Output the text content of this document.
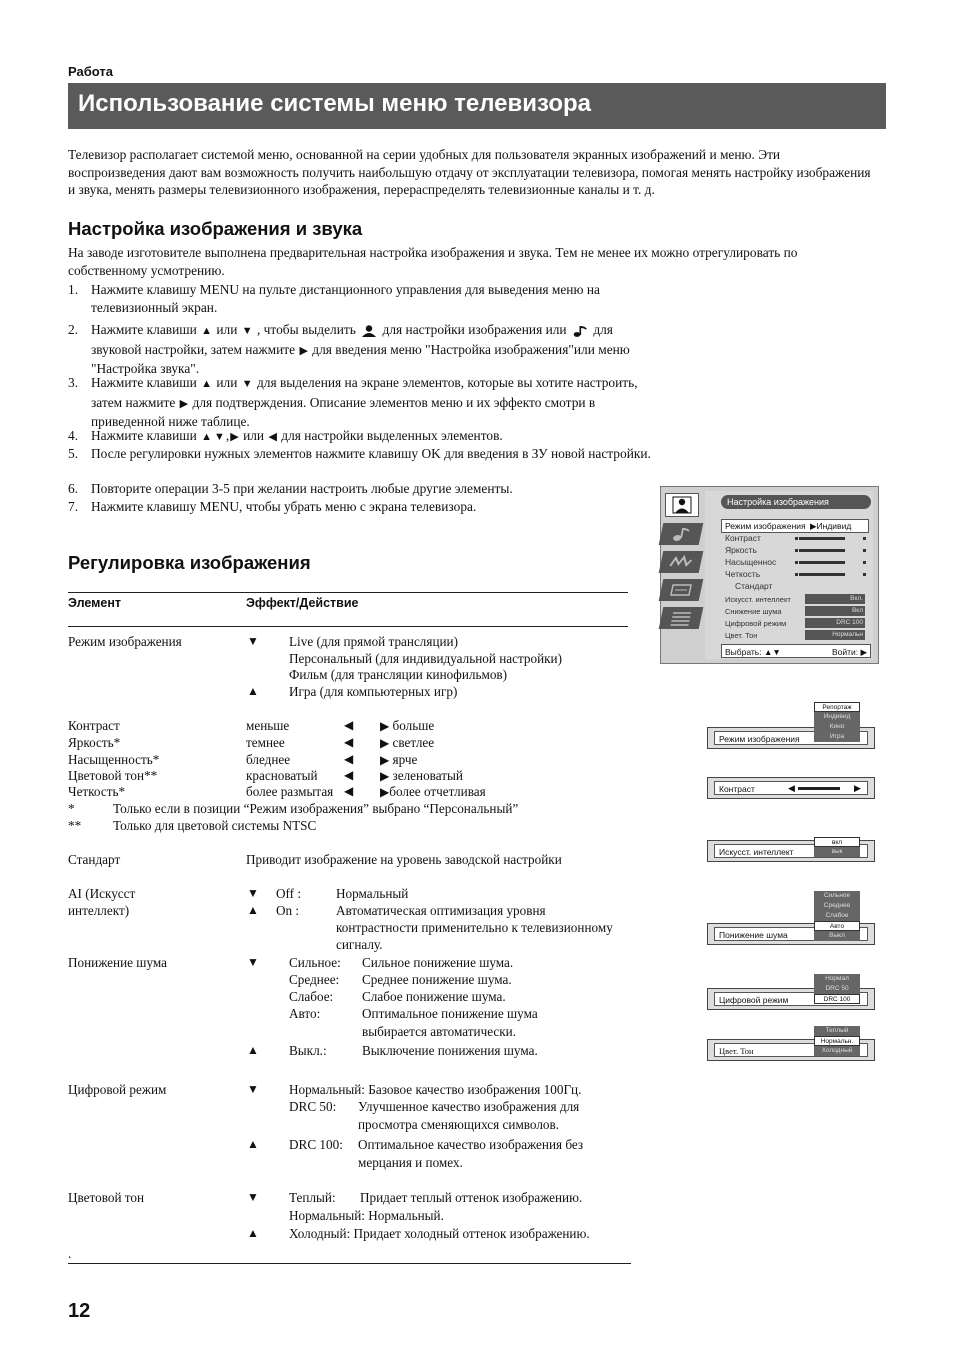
Работа
Использование системы меню телевизора

Телевизор располагает системой меню, основанной на серии удобных для пользователя экранных изображений и меню. Эти воспроизведения дают вам возможность получить наибольшую отдачу от эксплуатации телевизора, помогая менять настройку изображения и звука, менять размеры телевизионного изображения, перераспределять телевизионные каналы и т. д.

Настройка изображения и звука

На заводе изготовителе выполнена предварительная настройка изображения и звука. Тем не менее их можно отрегулировать по собственному усмотрению.

1. Нажмите клавишу MENU на пульте дистанционного управления для выведения меню на телевизионный экран.
2. Нажмите клавиши ▲ или ▼ , чтобы выделить для настройки изображения или для звуковой настройки, затем нажмите ▶ для введения меню "Настройка изображения"или меню "Настройка звука".
3. Нажмите клавиши ▲ или ▼ для выделения на экране элементов, которые вы хотите настроить, затем нажмите ▶ для подтверждения. Описание элементов меню и их эффекто смотри в приведенной ниже таблице.
4. Нажмите клавиши ▲ ▼,▶ или ◀ для настройки выделенных элементов.
5. После регулировки нужных элементов нажмите клавишу OK для введения в ЗУ новой настройки.
6. Повторите операции 3-5 при желании настроить любые другие элементы.
7. Нажмите клавишу MENU, чтобы убрать меню с экрана телевизора.
Регулировка изображения
Элемент	Эффект/Действие
Режим изображения	▼ Live (для прямой трансляции)
Персональный (для индивидуальной настройки)
Фильм (для трансляции кинофильмов)
▲ Игра (для компьютерных игр)
Контраст	меньше	◀ ▶ больше
Яркость*	темнее	◀ ▶ светлее
Насыщенность*	бледнее	◀ ▶ ярче
Цветовой тон**	красноватый ◀ ▶ зеленоватый
Четкость*	более размытая ◀ ▶более отчетливая
*	Только если в позиции “Режим изображения” выбрано “Персональный”
** Только для цветовой системы NTSC
Стандарт	Приводит изображение на уровень заводской настройки
AI (Искусст
интеллект)
▼ Off :	Нормальный
▲ On :	Автоматическая оптимизация уровня
контрастности применительно к телевизионному
сигналу.
Понижение шума	▼ Сильное: Сильное понижение шума.
Среднее: Среднее понижение шума.
Слабое: Слабое понижение шума.
Авто:	Оптимальное понижение шума
выбирается автоматически.
▲ Выкл.:	Выключение понижения шума.
Цифровой режим	▼ Нормальный: Базовое качество изображения 100Гц.
DRC 50: Улучшенное качество изображения для
просмотра сменяющихся символов.
▲ DRC 100: Оптимальное качество изображения без
мерцания и помех.
Цветовой тон	▼ Теплый: Придает теплый оттенок изображению.
Нормальный: Нормальный.
▲ Холодный: Придает холодный оттенок изображению.
.
Настройка изображения
Режим изображения ▶Индивид
Контраст
Яркость
Насыщеннос
Четкость
Стандарт
Искусст. интеллект	Вкл.
Снижение шума	Вкл
Цифровой режим	DRC 100
Цвет. Тон	Нормальн
Выбрать: ▲▼	Войти: ▶
Режим изображения
Репортаж
Индивид
Кино
Игра
Контраст	◀	▶
Искусст. интеллект
вкл
вык
Понижение шума
Сильное
Среднее
Слабое
Авто
Выкл
Цифровой режим
Нормал
DRC 50
DRC 100
Цвет. Тон
Теплый
Нормальн.
Холодный
12
